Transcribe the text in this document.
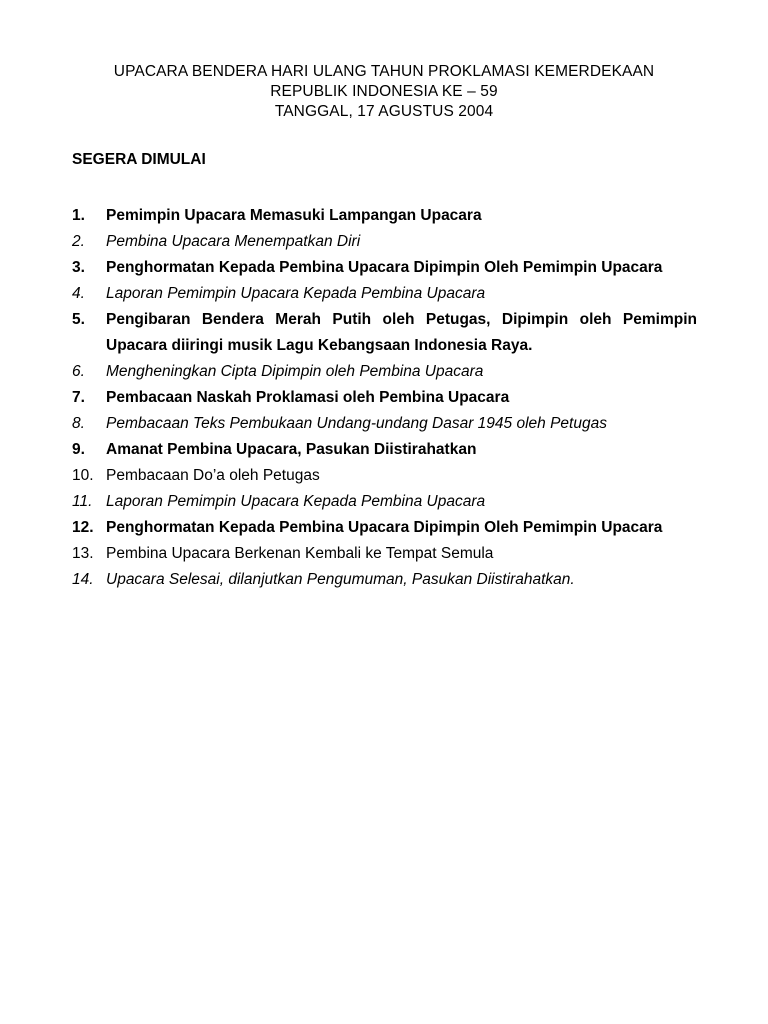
UPACARA BENDERA HARI ULANG TAHUN PROKLAMASI KEMERDEKAAN
REPUBLIK INDONESIA KE – 59
TANGGAL, 17 AGUSTUS 2004
SEGERA DIMULAI
1.	Pemimpin Upacara Memasuki Lampangan Upacara
2.	Pembina Upacara Menempatkan Diri
3.	Penghormatan Kepada Pembina Upacara Dipimpin Oleh Pemimpin Upacara
4.	Laporan Pemimpin Upacara Kepada Pembina Upacara
5.	Pengibaran Bendera Merah Putih oleh Petugas, Dipimpin oleh Pemimpin Upacara diiringi musik Lagu Kebangsaan Indonesia Raya.
6.	Mengheningkan Cipta Dipimpin oleh Pembina Upacara
7.	Pembacaan Naskah Proklamasi oleh Pembina Upacara
8.	Pembacaan Teks Pembukaan Undang-undang Dasar 1945 oleh Petugas
9.	Amanat Pembina Upacara, Pasukan Diistirahatkan
10. Pembacaan Do’a oleh Petugas
11. Laporan Pemimpin Upacara Kepada Pembina Upacara
12. Penghormatan Kepada Pembina Upacara Dipimpin Oleh Pemimpin Upacara
13. Pembina Upacara Berkenan Kembali ke Tempat Semula
14. Upacara Selesai, dilanjutkan Pengumuman, Pasukan Diistirahatkan.
